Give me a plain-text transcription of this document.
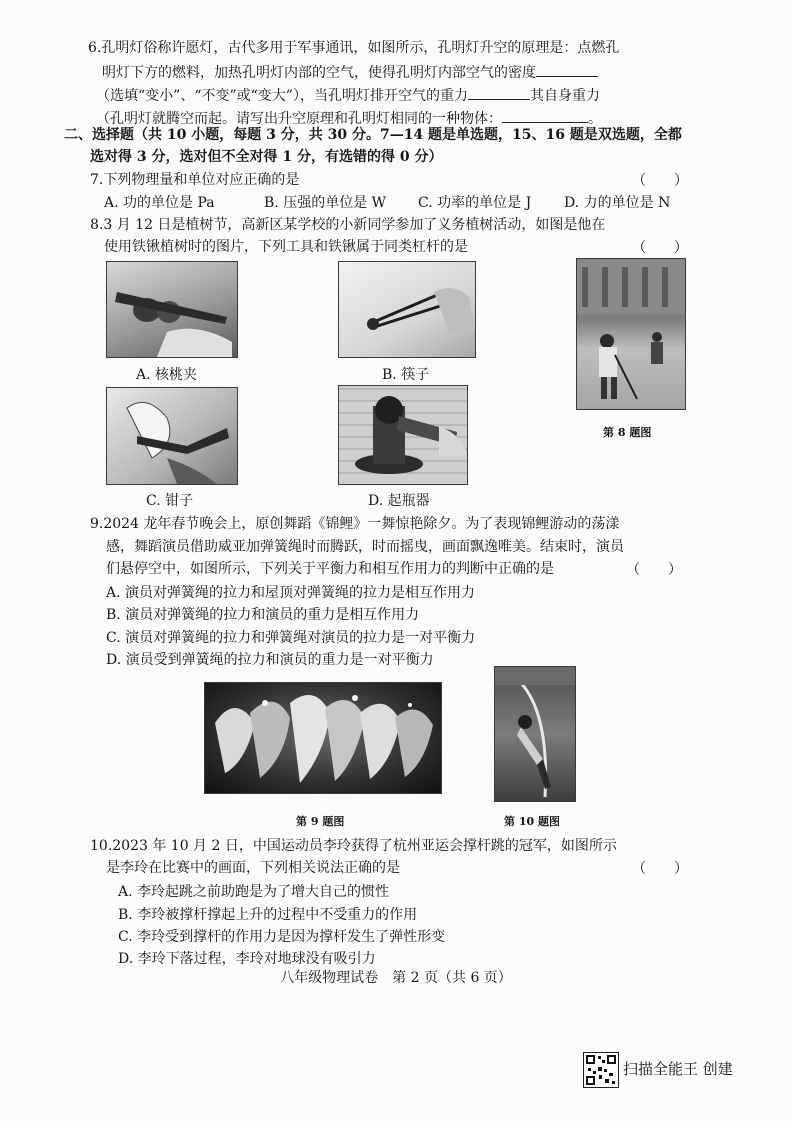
6.孔明灯俗称许愿灯，古代多用于军事通讯，如图所示，孔明灯升空的原理是：点燃孔
明灯下方的燃料，加热孔明灯内部的空气，使得孔明灯内部空气的密度
（选填“变小”、“不变”或“变大”），当孔明灯排开空气的重力	其自身重力
（孔明灯就腾空而起。请写出升空原理和孔明灯相同的一种物体：	。
二、选择题（共 10 小题，每题 3 分，共 30 分。7—14 题是单选题，15、16 题是双选题，全都
选对得 3 分，选对但不全对得 1 分，有选错的得 0 分）
7.下列物理量和单位对应正确的是	（　　）
A. 功的单位是 Pa	B. 压强的单位是 W C. 功率的单位是 J D. 力的单位是 N
8.3 月 12 日是植树节，高新区某学校的小新同学参加了义务植树活动，如图是他在
使用铁锹植树时的图片，下列工具和铁锹属于同类杠杆的是	（　　）
A. 核桃夹	B. 筷子
C. 钳子	D. 起瓶器
第 8 题图
9.2024 龙年春节晚会上，原创舞蹈《锦鲤》一舞惊艳除夕。为了表现锦鲤游动的荡漾
感，舞蹈演员借助威亚加弹簧绳时而腾跃，时而摇曳，画面飘逸唯美。结束时，演员
们悬停空中，如图所示，下列关于平衡力和相互作用力的判断中正确的是	（　　）
A. 演员对弹簧绳的拉力和屋顶对弹簧绳的拉力是相互作用力
B. 演员对弹簧绳的拉力和演员的重力是相互作用力
C. 演员对弹簧绳的拉力和弹簧绳对演员的拉力是一对平衡力
D. 演员受到弹簧绳的拉力和演员的重力是一对平衡力
第 9 题图	第 10 题图
10.2023 年 10 月 2 日，中国运动员李玲获得了杭州亚运会撑杆跳的冠军，如图所示
是李玲在比赛中的画面，下列相关说法正确的是	（　　）
A. 李玲起跳之前助跑是为了增大自己的惯性
B. 李玲被撑杆撑起上升的过程中不受重力的作用
C. 李玲受到撑杆的作用力是因为撑杆发生了弹性形变
D. 李玲下落过程，李玲对地球没有吸引力
八年级物理试卷　第 2 页（共 6 页）
扫描全能王 创建
